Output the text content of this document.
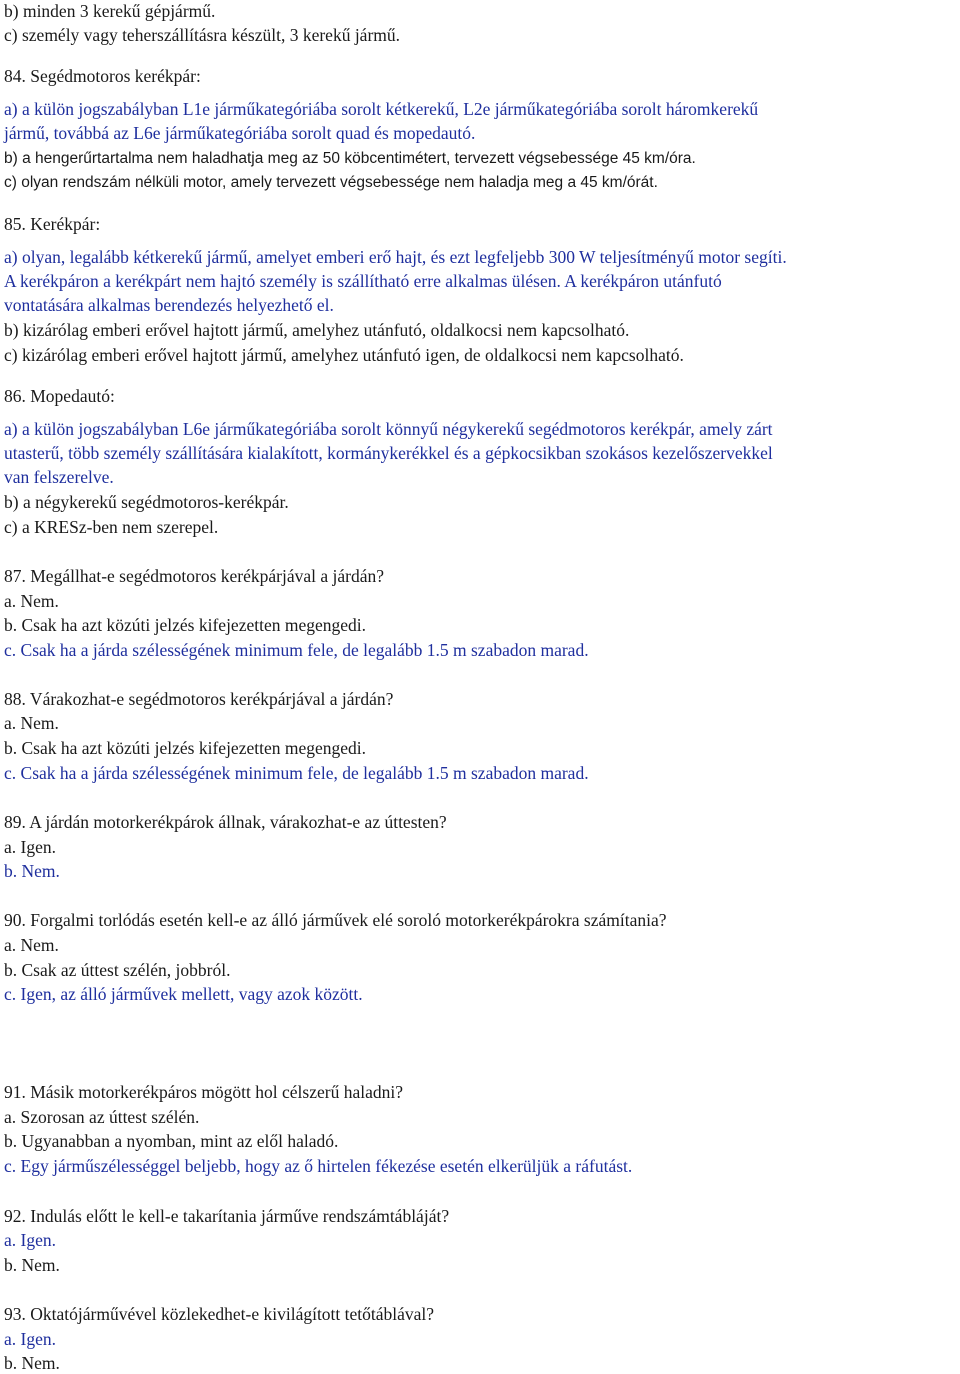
b) minden 3 kerekű gépjármű.
c) személy vagy teherszállításra készült, 3 kerekű jármű.
84. Segédmotoros kerékpár:
a) a külön jogszabályban L1e járműkategóriába sorolt kétkerekű, L2e járműkategóriába sorolt háromkerekű
jármű, továbbá az L6e járműkategóriába sorolt quad és mopedautó.
b) a hengerűrtartalma nem haladhatja meg az 50 köbcentimétert, tervezett végsebessége 45 km/óra.
c) olyan rendszám nélküli motor, amely tervezett végsebessége nem haladja meg a 45 km/órát.
85. Kerékpár:
a) olyan, legalább kétkerekű jármű, amelyet emberi erő hajt, és ezt legfeljebb 300 W teljesítményű motor segíti.
A kerékpáron a kerékpárt nem hajtó személy is szállítható erre alkalmas ülésen. A kerékpáron utánfutó
vontatására alkalmas berendezés helyezhető el.
b) kizárólag emberi erővel hajtott jármű, amelyhez utánfutó, oldalkocsi nem kapcsolható.
c) kizárólag emberi erővel hajtott jármű, amelyhez utánfutó igen, de oldalkocsi nem kapcsolható.
86. Mopedautó:
a) a külön jogszabályban L6e járműkategóriába sorolt könnyű négykerekű segédmotoros kerékpár, amely zárt
utasterű, több személy szállítására kialakított, kormánykerékkel és a gépkocsikban szokásos kezelőszervekkel
van felszerelve.
b) a négykerekű segédmotoros-kerékpár.
c) a KRESz-ben nem szerepel.
87. Megállhat-e segédmotoros kerékpárjával a járdán?
a. Nem.
b. Csak ha azt közúti jelzés kifejezetten megengedi.
c. Csak ha a járda szélességének minimum fele, de legalább 1.5 m szabadon marad.
88. Várakozhat-e segédmotoros kerékpárjával a járdán?
a. Nem.
b. Csak ha azt közúti jelzés kifejezetten megengedi.
c. Csak ha a járda szélességének minimum fele, de legalább 1.5 m szabadon marad.
89. A járdán motorkerékpárok állnak, várakozhat-e az úttesten?
a. Igen.
b. Nem.
90. Forgalmi torlódás esetén kell-e az álló járművek elé soroló motorkerékpárokra számítania?
a. Nem.
b. Csak az úttest szélén, jobbról.
c. Igen, az álló járművek mellett, vagy azok között.
91. Másik motorkerékpáros mögött hol célszerű haladni?
a. Szorosan az úttest szélén.
b. Ugyanabban a nyomban, mint az elől haladó.
c. Egy járműszélességgel beljebb, hogy az ő hirtelen fékezése esetén elkerüljük a ráfutást.
92. Indulás előtt le kell-e takarítania járműve rendszámtábláját?
a. Igen.
b. Nem.
93. Oktatójárművével közlekedhet-e kivilágított tetőtáblával?
a. Igen.
b. Nem.
